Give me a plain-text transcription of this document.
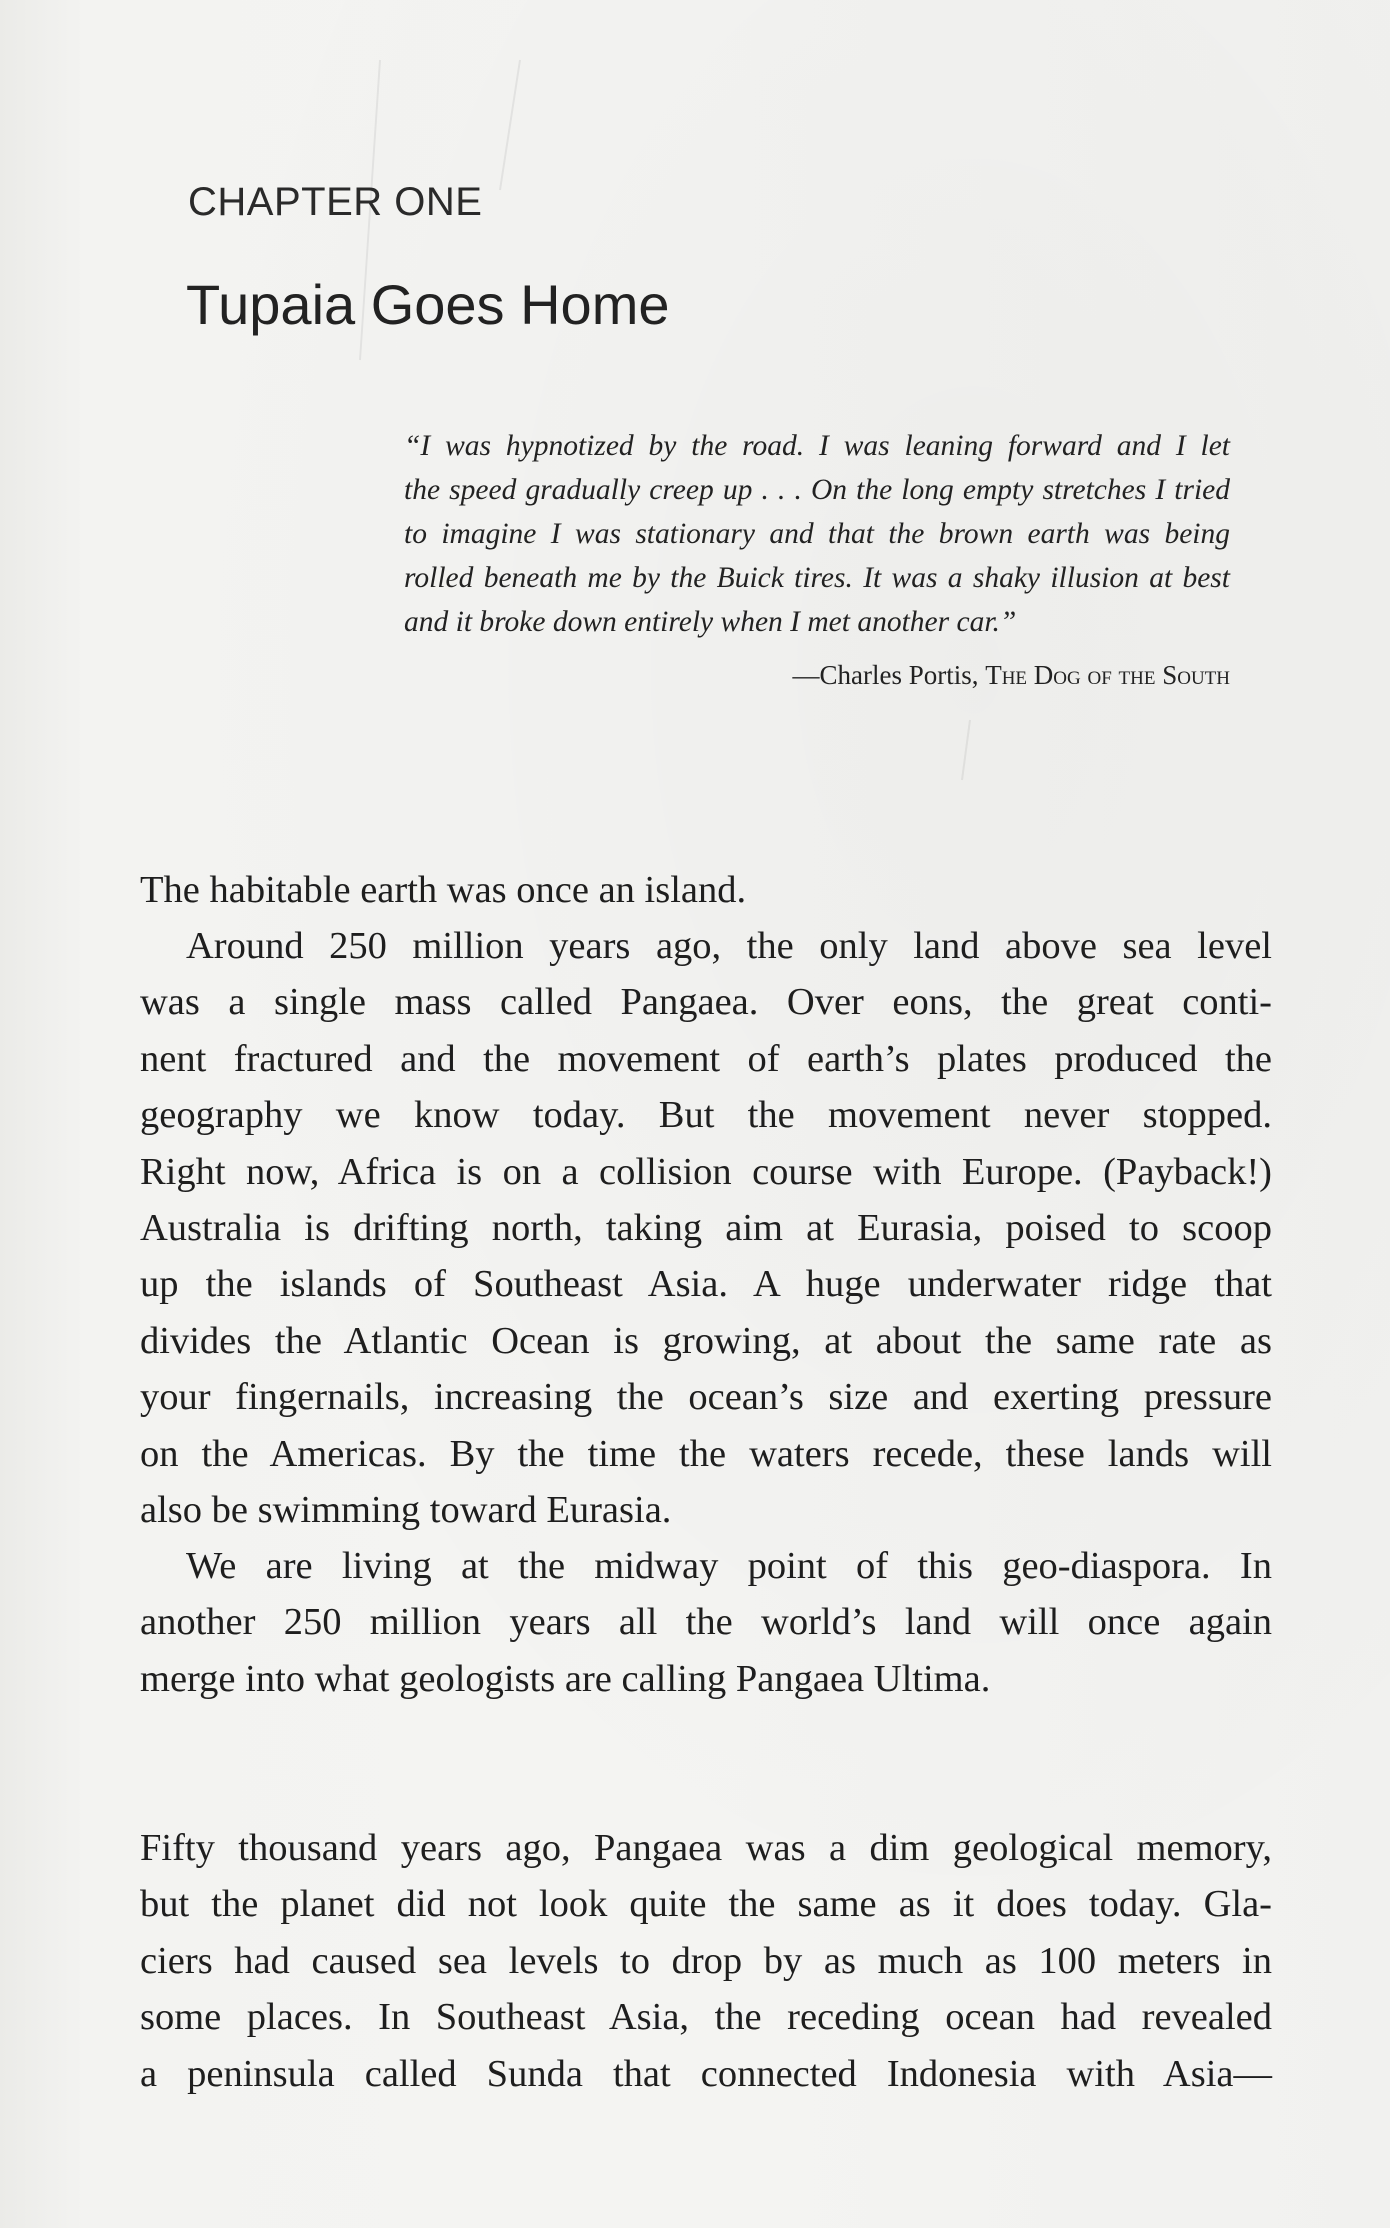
CHAPTER ONE
Tupaia Goes Home
“I was hypnotized by the road. I was leaning forward and I let
the speed gradually creep up . . . On the long empty stretches I tried
to imagine I was stationary and that the brown earth was being
rolled beneath me by the Buick tires. It was a shaky illusion at best
and it broke down entirely when I met another car.”
—Charles Portis, The Dog of the South
The habitable earth was once an island.
Around 250 million years ago, the only land above sea level
was a single mass called Pangaea. Over eons, the great conti-
nent fractured and the movement of earth’s plates produced the
geography we know today. But the movement never stopped.
Right now, Africa is on a collision course with Europe. (Payback!)
Australia is drifting north, taking aim at Eurasia, poised to scoop
up the islands of Southeast Asia. A huge underwater ridge that
divides the Atlantic Ocean is growing, at about the same rate as
your fingernails, increasing the ocean’s size and exerting pressure
on the Americas. By the time the waters recede, these lands will
also be swimming toward Eurasia.
We are living at the midway point of this geo-diaspora. In
another 250 million years all the world’s land will once again
merge into what geologists are calling Pangaea Ultima.
Fifty thousand years ago, Pangaea was a dim geological memory,
but the planet did not look quite the same as it does today. Gla-
ciers had caused sea levels to drop by as much as 100 meters in
some places. In Southeast Asia, the receding ocean had revealed
a peninsula called Sunda that connected Indonesia with Asia—
